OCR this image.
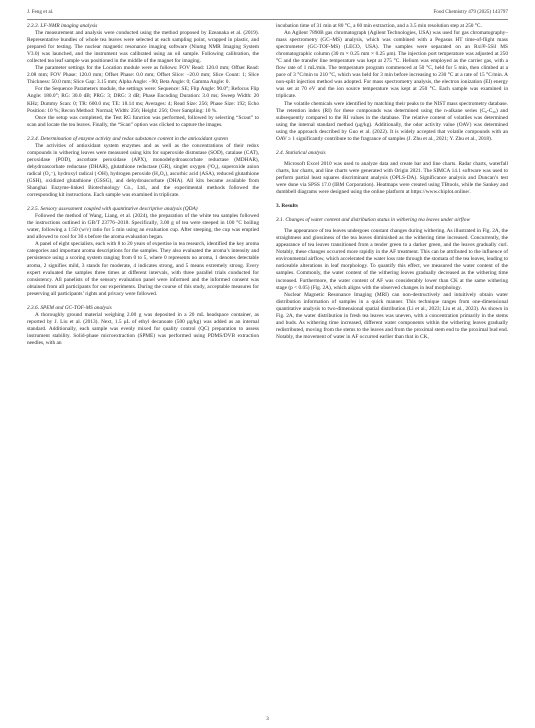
J. Feng et al.	Food Chemistry 479 (2025) 143797
2.3.3. LF-NMR imaging analysis

The measurement and analysis were conducted using the method proposed by Ezeanaka et al. (2019). Representative bundles of whole tea leaves were selected at each sampling point, wrapped in plastic, and prepared for testing. The nuclear magnetic resonance imaging software (Niumg NMR Imaging System V3.0) was launched, and the instrument was calibrated using an oil sample. Following calibration, the collected tea leaf sample was positioned in the middle of the magnet for imaging.

The parameter settings for the Location module were as follows: FOV Read: 120.0 mm; Offset Read: 2.08 mm; FOV Phase: 120.0 mm; Offset Phase: 0.0 mm; Offset Slice: −20.0 mm; Slice Count: 1; Slice Thickness: 50.0 mm; Slice Gap: 3.15 mm; Alpha Angle: −90; Beta Angle: 0; Gamma Angle: 0.

For the Sequence Parameters module, the settings were: Sequence: SE; Flip Angle: 90.0°; Refocus Flip Angle: 180.0°; RG: 30.0 dB; PRG: 3; DRG: 3 dB; Phase Encoding Duration: 3.0 ms; Sweep Width: 20 KHz; Dummy Scan: 0; TR: 600.0 ms; TE: 18.14 ms; Averages: 4; Read Size: 256; Phase Size: 192; Echo Position: 10 %; Recon Method: Normal; Width: 256; Height: 256; Over Sampling: 10 %.

Once the setup was completed, the Test RG function was performed, followed by selecting “Scout” to scan and locate the tea leaves. Finally, the “Scan” option was clicked to capture the images.

2.3.4. Determination of enzyme activity and redox substance content in the antioxidant system

The activities of antioxidant system enzymes and as well as the concentrations of their redox compounds in withering leaves were measured using kits for superoxide dismutase (SOD), catalase (CAT), peroxidase (POD), ascorbate peroxidase (APX), monodehydroascorbate reductase (MDHAR), dehydroascorbate reductase (DHAR), glutathione reductase (GR), singlet oxygen (¹O₂), superoxide anion radical (O₂⁻), hydroxyl radical (·OH), hydrogen peroxide (H₂O₂), ascorbic acid (ASA), reduced glutathione (GSH), oxidized glutathione (GSSG), and dehydroascorbate (DHA). All kits became available from Shanghai Enzyme-linked Biotechnology Co., Ltd., and the experimental methods followed the corresponding kit instructions. Each sample was examined in triplicate.

2.3.5. Sensory assessment coupled with quantitative descriptive analysis (QDA)

Followed the method of Wang, Liang, et al. (2024), the preparation of the white tea samples followed the instructions outlined in GB/T 23776–2018. Specifically, 3.00 g of tea were steeped in 100 °C boiling water, following a 1:50 (w/v) ratio for 5 min using an evaluation cup. After steeping, the cup was emptied and allowed to cool for 30 s before the aroma evaluation began.

A panel of eight specialists, each with 8 to 20 years of expertise in tea research, identified the key aroma categories and important aroma descriptions for the samples. They also evaluated the aroma’s intensity and persistence using a scoring system ranging from 0 to 5, where 0 represents no aroma, 1 denotes detectable aroma, 2 signifies mild, 3 stands for moderate, 4 indicates strong, and 5 means extremely strong. Every expert evaluated the samples three times at different intervals, with three parallel trials conducted for consistency. All panelists of the sensory evaluation panel were informed and the informed consent was obtained from all participants for our experiments. During the course of this study, acceptable measures for preserving all participants’ rights and privacy were followed.

2.3.6. SPEM and GC-TOF-MS analysis

A thoroughly ground material weighing 2.00 g was deposited in a 20 mL headspace container, as reported by J. Liu et al. (2013). Next, 1.5 μL of ethyl decanoate (500 μg/kg) was added as an internal standard. Additionally, each sample was evenly mixed for quality control (QC) preparation to assess instrument stability. Solid-phase microextraction (SPME) was performed using PDMS/DVB extraction needles, with an

incubation time of 31 min at 80 °C, a 60 min extraction, and a 3.5 min resolution step at 250 °C.

An Agilent 7890B gas chromatograph (Agilent Technologies, USA) was used for gas chromatography–mass spectrometry (GC–MS) analysis, which was combined with a Pegasus HT time-of-flight mass spectrometer (GC-TOF-MS) (LECO, USA). The samples were separated on an Rxi®-5Sil MS chromatographic column (30 m × 0.25 mm × 0.25 μm). The injection port temperature was adjusted at 250 °C and the transfer line temperature was kept at 275 °C. Helium was employed as the carrier gas, with a flow rate of 1 mL/min. The temperature program commenced at 50 °C, held for 5 min, then climbed at a pace of 3 °C/min to 210 °C, which was held for 3 min before increasing to 230 °C at a rate of 15 °C/min. A non-split injection method was adopted. For mass spectrometry analysis, the electron ionization (EI) energy was set at 70 eV and the ion source temperature was kept at 250 °C. Each sample was examined in triplicate.

The volatile chemicals were identified by matching their peaks to the NIST mass spectrometry database. The retention index (RI) for these compounds was determined using the n-alkane series (C₈-C₃₀) and subsequently compared to the RI values in the database. The relative content of volatiles was determined using the internal standard method (μg/kg). Additionally, the odor activity value (OAV) was determined using the approach described by Guo et al. (2022). It is widely accepted that volatile compounds with an OAV ≥ 1 significantly contribute to the fragrance of samples (J. Zhu et al., 2021; Y. Zhu et al., 2018).

2.4. Statistical analysis

Microsoft Excel 2010 was used to analyze data and create bar and line charts. Radar charts, waterfall charts, bar charts, and line charts were generated with Origin 2021. The SIMCA 14.1 software was used to perform partial least squares discriminant analysis (OPLS-DA). Significance analysis and Duncan’s test were done via SPSS 17.0 (IBM Corporation). Heatmaps were created using TBtools, while the Sankey and dumbbell diagrams were designed using the online platform at https://www.chiplot.online/.

3. Results
3.1. Changes of water content and distribution status in withering tea leaves under airflow

The appearance of tea leaves undergoes constant changes during withering. As illustrated in Fig. 2A, the straightness and glossiness of the tea leaves diminished as the withering time increased. Concurrently, the appearance of tea leaves transitioned from a tender green to a darker green, and the leaves gradually curl. Notably, these changes occurred more rapidly in the AF treatment. This can be attributed to the influence of environmental airflow, which accelerated the water loss rate through the stomata of the tea leaves, leading to noticeable alterations in leaf morphology. To quantify this effect, we measured the water content of the samples. Commonly, the water content of the withering leaves gradually decreased as the withering time increased. Furthermore, the water content of AF was considerably lower than CK at the same withering stage (p < 0.05) (Fig. 2A), which aligns with the observed changes in leaf morphology.

Nuclear Magnetic Resonance Imaging (MRI) can non-destructively and intuitively obtain water distribution information of samples in a quick manner. This technique ranges from one-dimensional quantitative analysis to two-dimensional spatial distribution (Li et al., 2023; Liu et al., 2023). As shown in Fig. 2A, the water distribution in fresh tea leaves was uneven, with a concentration primarily in the stems and buds. As withering time increased, different water components within the withering leaves gradually redistributed, moving from the stems to the leaves and from the proximal stem end to the proximal bud end. Notably, the movement of water in AF occurred earlier than that in CK,

3
